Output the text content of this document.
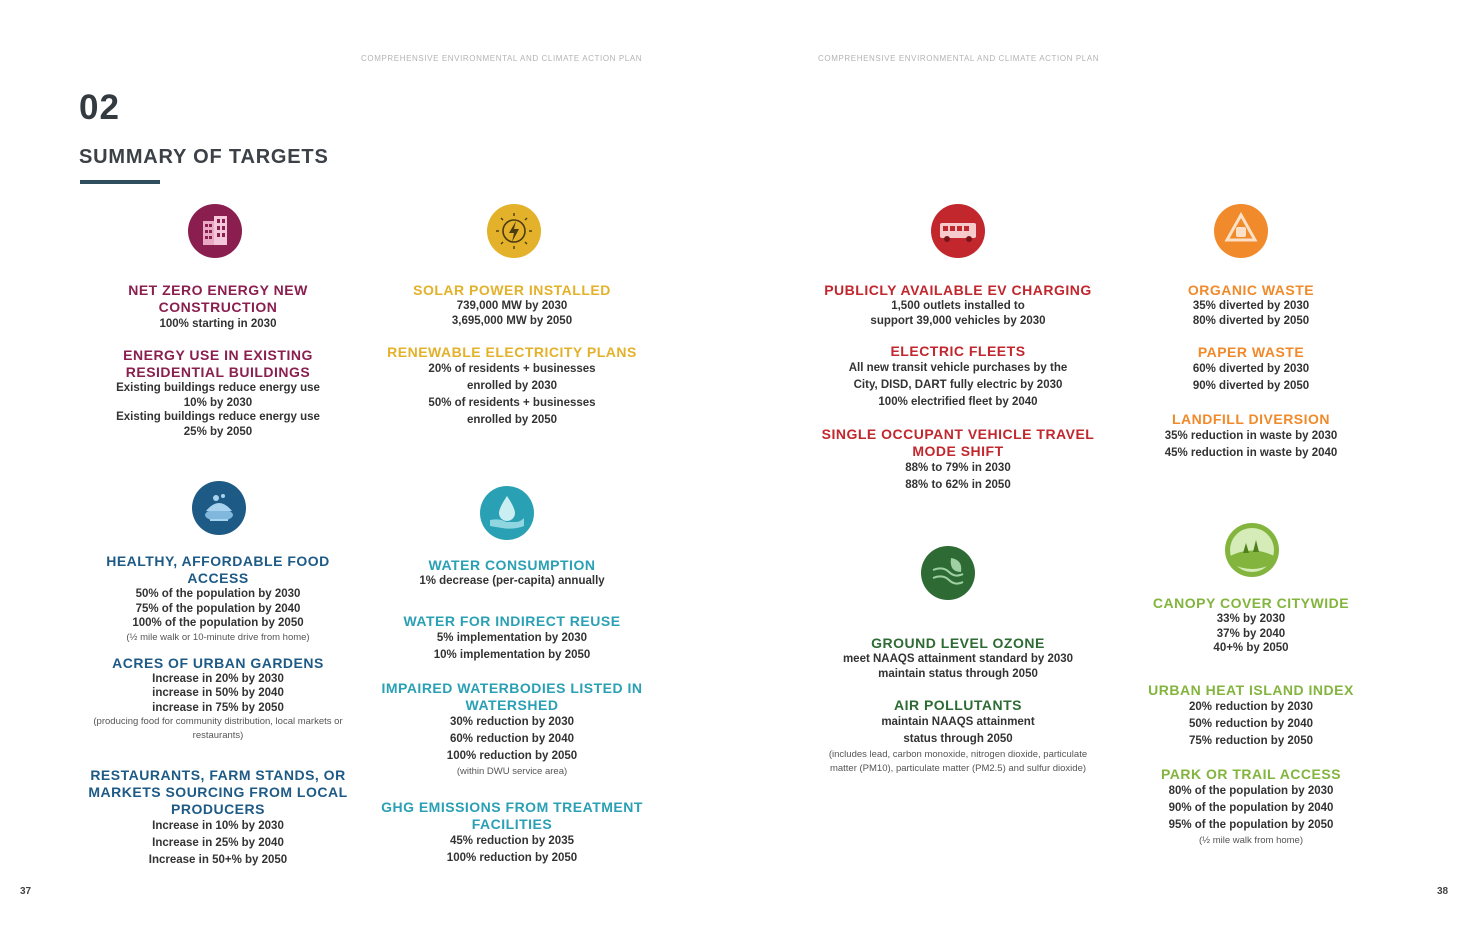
COMPREHENSIVE ENVIRONMENTAL AND CLIMATE ACTION PLAN	COMPREHENSIVE ENVIRONMENTAL AND CLIMATE ACTION PLAN
02
SUMMARY OF TARGETS

NET ZERO ENERGY NEW CONSTRUCTION

100% starting in 2030

ENERGY USE IN EXISTING RESIDENTIAL BUILDINGS

Existing buildings reduce energy use

10% by 2030

Existing buildings reduce energy use

25% by 2050

SOLAR POWER INSTALLED

739,000 MW by 2030

3,695,000 MW by 2050

RENEWABLE ELECTRICITY PLANS

20% of residents + businesses

enrolled by 2030

50% of residents + businesses

enrolled by 2050

HEALTHY, AFFORDABLE FOOD ACCESS

50% of the population by 2030

75% of the population by 2040

100% of the population by 2050

(½ mile walk or 10-minute drive from home)

ACRES OF URBAN GARDENS

Increase in 20% by 2030

increase in 50% by 2040

increase in 75% by 2050

(producing food for community distribution, local markets or restaurants)

RESTAURANTS, FARM STANDS, OR MARKETS SOURCING FROM LOCAL PRODUCERS

Increase in 10% by 2030

Increase in 25% by 2040

Increase in 50+% by 2050

WATER CONSUMPTION

1% decrease (per-capita) annually

WATER FOR INDIRECT REUSE

5% implementation by 2030

10% implementation by 2050

IMPAIRED WATERBODIES LISTED IN WATERSHED

30% reduction by 2030

60% reduction by 2040

100% reduction by 2050

(within DWU service area)

GHG EMISSIONS FROM TREATMENT FACILITIES

45% reduction by 2035

100% reduction by 2050

PUBLICLY AVAILABLE EV CHARGING

1,500 outlets installed to

support 39,000 vehicles by 2030

ELECTRIC FLEETS

All new transit vehicle purchases by the

City, DISD, DART fully electric by 2030

100% electrified fleet by 2040

SINGLE OCCUPANT VEHICLE TRAVEL MODE SHIFT

88% to 79% in 2030

88% to 62% in 2050

ORGANIC WASTE

35% diverted by 2030

80% diverted by 2050

PAPER WASTE

60% diverted by 2030

90% diverted by 2050

LANDFILL DIVERSION

35% reduction in waste by 2030

45% reduction in waste by 2040

GROUND LEVEL OZONE

meet NAAQS attainment standard by 2030

maintain status through 2050

AIR POLLUTANTS

maintain NAAQS attainment

status through 2050

(includes lead, carbon monoxide, nitrogen dioxide, particulate matter (PM10), particulate matter (PM2.5) and sulfur dioxide)

CANOPY COVER CITYWIDE

33% by 2030

37% by 2040

40+% by 2050

URBAN HEAT ISLAND INDEX

20% reduction by 2030

50% reduction by 2040

75% reduction by 2050

PARK OR TRAIL ACCESS

80% of the population by 2030

90% of the population by 2040

95% of the population by 2050

(½ mile walk from home)

37	38
